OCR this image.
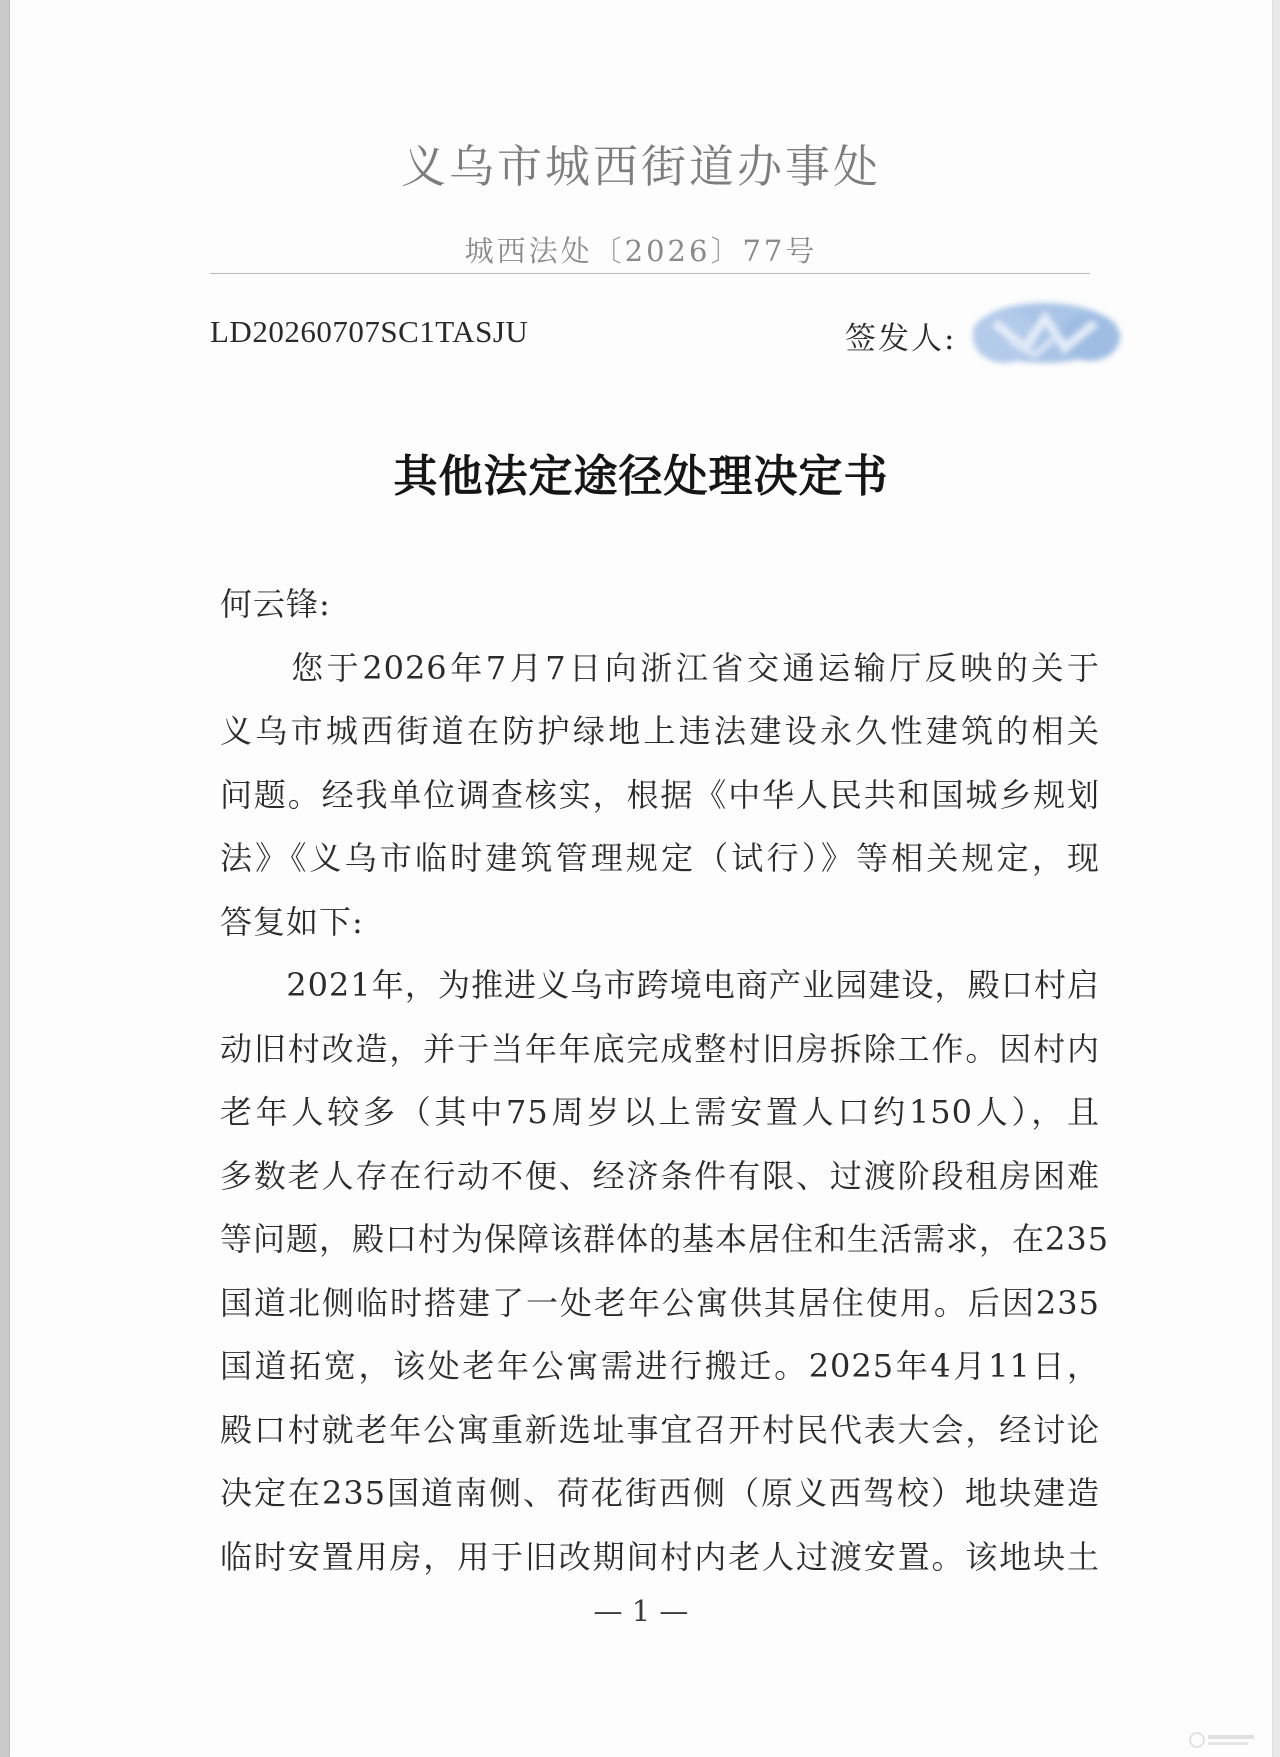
义乌市城西街道办事处
城西法处〔2026〕77号
LD20260707SC1TASJU	签发人:
其他法定途径处理决定书
何云锋:
　　您于2026年7月7日向浙江省交通运输厅反映的关于
义乌市城西街道在防护绿地上违法建设永久性建筑的相关
问题。经我单位调查核实，根据《中华人民共和国城乡规划
法》《义乌市临时建筑管理规定（试行）》等相关规定，现
答复如下:
　　2021年，为推进义乌市跨境电商产业园建设，殿口村启
动旧村改造，并于当年年底完成整村旧房拆除工作。因村内
老年人较多（其中75周岁以上需安置人口约150人），且
多数老人存在行动不便、经济条件有限、过渡阶段租房困难
等问题，殿口村为保障该群体的基本居住和生活需求，在235
国道北侧临时搭建了一处老年公寓供其居住使用。后因235
国道拓宽，该处老年公寓需进行搬迁。2025年4月11日，
殿口村就老年公寓重新选址事宜召开村民代表大会，经讨论
决定在235国道南侧、荷花街西侧（原义西驾校）地块建造
临时安置用房，用于旧改期间村内老人过渡安置。该地块土
— 1 —
